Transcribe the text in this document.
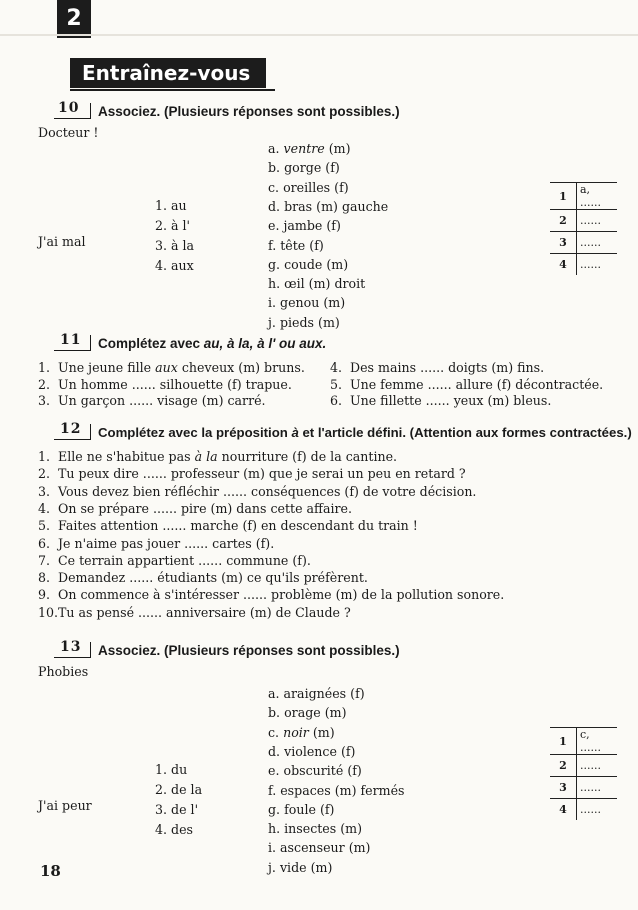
2
Entraînez-vous
10 Associez. (Plusieurs réponses sont possibles.)
Docteur !
J'ai mal
1. au
2. à l'
3. à la
4. aux
a. ventre (m)
b. gorge (f)
c. oreilles (f)
d. bras (m) gauche
e. jambe (f)
f. tête (f)
g. coude (m)
h. œil (m) droit
i. genou (m)
j. pieds (m)
1	a, ......
2	......
3	......
4	......
11 Complétez avec au, à la, à l' ou aux.
1. Une jeune fille aux cheveux (m) bruns.
2. Un homme ...... silhouette (f) trapue.
3. Un garçon ...... visage (m) carré.
4. Des mains ...... doigts (m) fins.
5. Une femme ...... allure (f) décontractée.
6. Une fillette ...... yeux (m) bleus.
12 Complétez avec la préposition à et l'article défini. (Attention aux formes contractées.)
1. Elle ne s'habitue pas à la nourriture (f) de la cantine.
2. Tu peux dire ...... professeur (m) que je serai un peu en retard ?
3. Vous devez bien réfléchir ...... conséquences (f) de votre décision.
4. On se prépare ...... pire (m) dans cette affaire.
5. Faites attention ...... marche (f) en descendant du train !
6. Je n'aime pas jouer ...... cartes (f).
7. Ce terrain appartient ...... commune (f).
8. Demandez ...... étudiants (m) ce qu'ils préfèrent.
9. On commence à s'intéresser ...... problème (m) de la pollution sonore.
10.Tu as pensé ...... anniversaire (m) de Claude ?
13 Associez. (Plusieurs réponses sont possibles.)
Phobies
J'ai peur
1. du
2. de la
3. de l'
4. des
a. araignées (f)
b. orage (m)
c. noir (m)
d. violence (f)
e. obscurité (f)
f. espaces (m) fermés
g. foule (f)
h. insectes (m)
i. ascenseur (m)
j. vide (m)
1	c, ......
2	......
3	......
4	......
18
